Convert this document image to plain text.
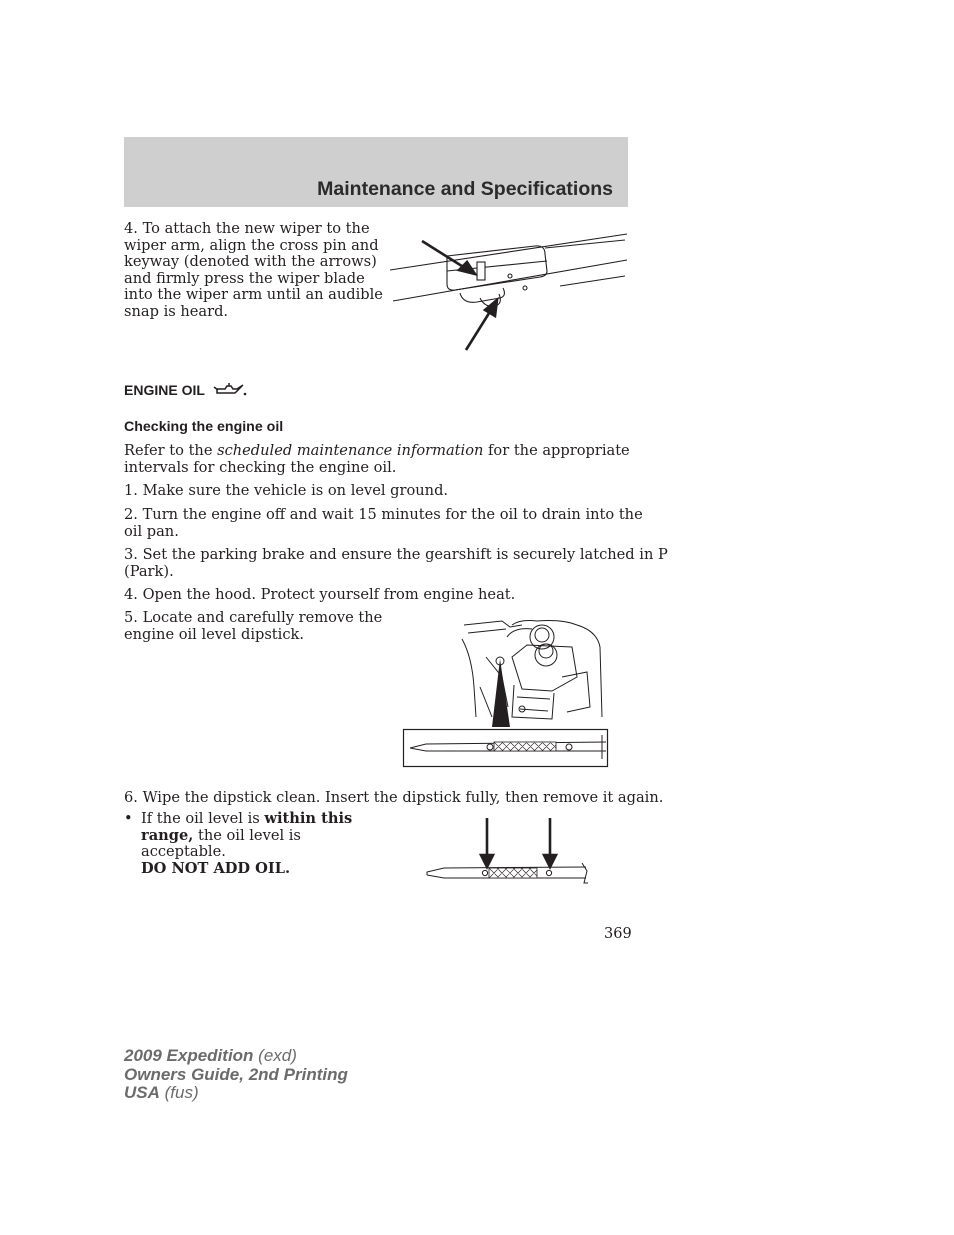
Maintenance and Specifications
4. To attach the new wiper to the
wiper arm, align the cross pin and
keyway (denoted with the arrows)
and firmly press the wiper blade
into the wiper arm until an audible
snap is heard.
ENGINE OIL
Checking the engine oil
Refer to the scheduled maintenance information for the appropriate
intervals for checking the engine oil.
1. Make sure the vehicle is on level ground.
2. Turn the engine off and wait 15 minutes for the oil to drain into the
oil pan.
3. Set the parking brake and ensure the gearshift is securely latched in P
(Park).
4. Open the hood. Protect yourself from engine heat.
5. Locate and carefully remove the
engine oil level dipstick.
6. Wipe the dipstick clean. Insert the dipstick fully, then remove it again.
• If the oil level is within this
range, the oil level is acceptable.
DO NOT ADD OIL.
369
2009 Expedition (exd)
Owners Guide, 2nd Printing
USA (fus)
